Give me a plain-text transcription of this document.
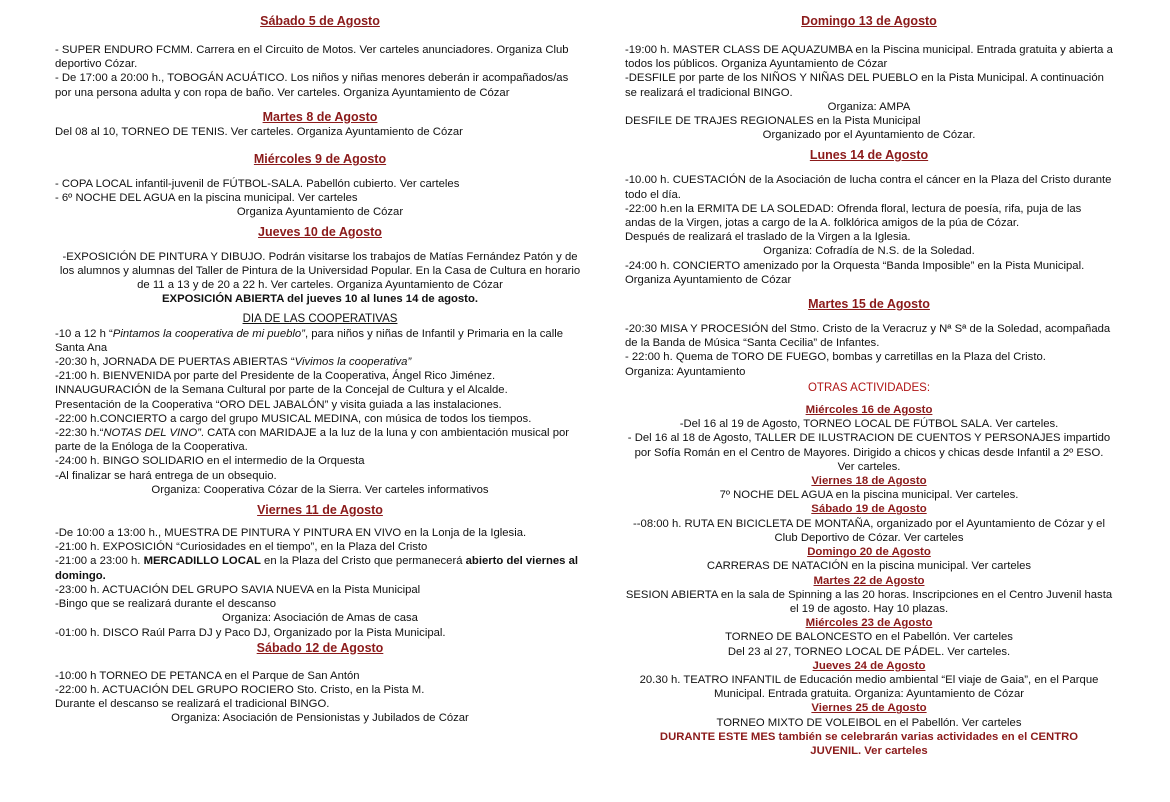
Sábado 5 de Agosto

- SUPER ENDURO FCMM. Carrera en el Circuito de Motos. Ver carteles anunciadores. Organiza Club deportivo Cózar.

- De 17:00 a 20:00 h., TOBOGÁN ACUÁTICO. Los niños y niñas menores deberán ir acompañados/as por una persona adulta y con ropa de baño. Ver carteles. Organiza Ayuntamiento de Cózar

Martes 8 de Agosto

Del 08 al 10, TORNEO DE TENIS. Ver carteles. Organiza Ayuntamiento de Cózar

Miércoles 9 de Agosto

- COPA LOCAL infantil-juvenil de FÚTBOL-SALA. Pabellón cubierto. Ver carteles

- 6º NOCHE DEL AGUA en la piscina municipal. Ver carteles

Organiza Ayuntamiento de Cózar

Jueves 10 de Agosto

-EXPOSICIÓN DE PINTURA Y DIBUJO. Podrán visitarse los trabajos de Matías Fernández Patón y de los alumnos y alumnas del Taller de Pintura de la Universidad Popular. En la Casa de Cultura en horario de 11 a 13 y de 20 a 22 h. Ver carteles. Organiza Ayuntamiento de Cózar
EXPOSICIÓN ABIERTA del jueves 10 al lunes 14 de agosto.

DIA DE LAS COOPERATIVAS

-10 a 12 h “Pintamos la cooperativa de mi pueblo”, para niños y niñas de Infantil y Primaria en la calle Santa Ana

-20:30 h, JORNADA DE PUERTAS ABIERTAS “Vivimos la cooperativa”

-21:00 h. BIENVENIDA por parte del Presidente de la Cooperativa, Ángel Rico Jiménez.

INNAUGURACIÓN de la Semana Cultural por parte de la Concejal de Cultura y el Alcalde.

Presentación de la Cooperativa “ORO DEL JABALÓN” y visita guiada a las instalaciones.

-22:00 h.CONCIERTO a cargo del grupo MUSICAL MEDINA, con música de todos los tiempos.

-22:30 h.“NOTAS DEL VINO”. CATA con MARIDAJE a la luz de la luna y con ambientación musical por parte de la Enóloga de la Cooperativa.

-24:00 h. BINGO SOLIDARIO en el intermedio de la Orquesta

-Al finalizar se hará entrega de un obsequio.

Organiza: Cooperativa Cózar de la Sierra. Ver carteles informativos

Viernes 11 de Agosto

-De 10:00 a 13:00 h., MUESTRA DE PINTURA Y PINTURA EN VIVO en la Lonja de la Iglesia.

-21:00 h. EXPOSICIÓN “Curiosidades en el tiempo”, en la Plaza del Cristo

-21:00 a 23:00 h. MERCADILLO LOCAL en la Plaza del Cristo que permanecerá abierto del viernes al domingo.

-23:00 h. ACTUACIÓN DEL GRUPO SAVIA NUEVA en la Pista Municipal

-Bingo que se realizará durante el descanso

Organiza: Asociación de Amas de casa

-01:00 h. DISCO Raúl Parra DJ y Paco DJ, Organizado por la Pista Municipal.

Sábado 12 de Agosto

-10:00 h TORNEO DE PETANCA en el Parque de San Antón

-22:00 h. ACTUACIÓN DEL GRUPO ROCIERO Sto. Cristo, en la Pista M.

Durante el descanso se realizará el tradicional BINGO.

Organiza: Asociación de Pensionistas y Jubilados de Cózar

Domingo 13 de Agosto

-19:00 h. MASTER CLASS DE AQUAZUMBA en la Piscina municipal. Entrada gratuita y abierta a todos los públicos. Organiza Ayuntamiento de Cózar

-DESFILE por parte de los NIÑOS Y NIÑAS DEL PUEBLO en la Pista Municipal. A continuación se realizará el tradicional BINGO.

Organiza: AMPA

DESFILE DE TRAJES REGIONALES en la Pista Municipal

Organizado por el Ayuntamiento de Cózar.

Lunes 14 de Agosto

-10.00 h. CUESTACIÓN de la Asociación de lucha contra el cáncer en la Plaza del Cristo durante todo el día.

-22:00 h.en la ERMITA DE LA SOLEDAD: Ofrenda floral, lectura de poesía, rifa, puja de las andas de la Virgen, jotas a cargo de la A. folklórica amigos de la púa de Cózar.

Después de realizará el traslado de la Virgen a la Iglesia.

Organiza: Cofradía de N.S. de la Soledad.

-24:00 h. CONCIERTO amenizado por la Orquesta “Banda Imposible” en la Pista Municipal. Organiza Ayuntamiento de Cózar

Martes 15 de Agosto

-20:30 MISA Y PROCESIÓN del Stmo. Cristo de la Veracruz y Nª Sª de la Soledad, acompañada de la Banda de Música “Santa Cecilia” de Infantes.

- 22:00 h. Quema de TORO DE FUEGO, bombas y carretillas en la Plaza del Cristo.

Organiza: Ayuntamiento

OTRAS ACTIVIDADES:
Miércoles 16 de Agosto

-Del 16 al 19 de Agosto, TORNEO LOCAL DE FÚTBOL SALA. Ver carteles.

- Del 16 al 18 de Agosto, TALLER DE ILUSTRACION DE CUENTOS Y PERSONAJES impartido por Sofía Román en el Centro de Mayores. Dirigido a chicos y chicas desde Infantil a 2º ESO. Ver carteles.

Viernes 18 de Agosto

7º NOCHE DEL AGUA en la piscina municipal. Ver carteles.

Sábado 19 de Agosto

--08:00 h. RUTA EN BICICLETA DE MONTAÑA, organizado por el Ayuntamiento de Cózar y el Club Deportivo de Cózar. Ver carteles

Domingo 20 de Agosto

CARRERAS DE NATACIÓN en la piscina municipal. Ver carteles

Martes 22 de Agosto

SESION ABIERTA en la sala de Spinning a las 20 horas. Inscripciones en el Centro Juvenil hasta el 19 de agosto. Hay 10 plazas.

Miércoles 23 de Agosto

TORNEO DE BALONCESTO en el Pabellón. Ver carteles

Del 23 al 27, TORNEO LOCAL DE PÁDEL. Ver carteles.

Jueves 24 de Agosto

20.30 h. TEATRO INFANTIL de Educación medio ambiental “El viaje de Gaia”, en el Parque Municipal. Entrada gratuita. Organiza: Ayuntamiento de Cózar

Viernes 25 de Agosto

TORNEO MIXTO DE VOLEIBOL en el Pabellón. Ver carteles

DURANTE ESTE MES también se celebrarán varias actividades en el CENTRO JUVENIL. Ver carteles
